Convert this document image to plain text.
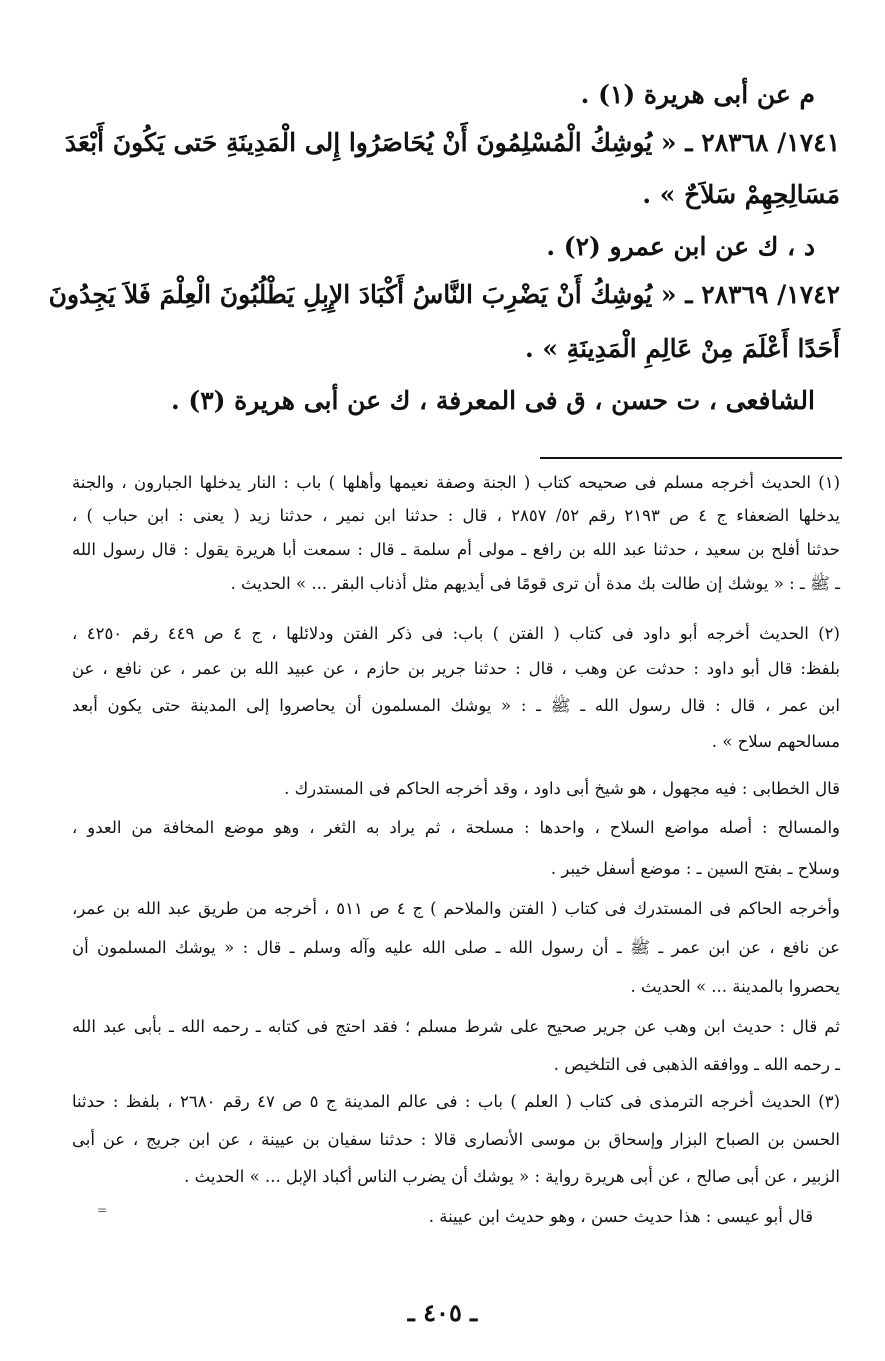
م عن أبى هريرة (١) .
١٧٤١/ ٢٨٣٦٨ ـ « يُوشِكُ الْمُسْلِمُونَ أَنْ يُحَاصَرُوا إِلى الْمَدِينَةِ حَتى يَكُونَ أَبْعَدَ
مَسَالِحِهِمْ سَلاَحٌ » .
د ، ك عن ابن عمرو (٢) .
١٧٤٢/ ٢٨٣٦٩ ـ « يُوشِكُ أَنْ يَضْرِبَ النَّاسُ أَكْبَادَ الإِبِلِ يَطْلُبُونَ الْعِلْمَ فَلاَ يَجِدُونَ
أَحَدًا أَعْلَمَ مِنْ عَالِمِ الْمَدِينَةِ » .
الشافعى ، ت حسن ، ق فى المعرفة ، ك عن أبى هريرة (٣) .
(١) الحديث أخرجه مسلم فى صحيحه كتاب ( الجنة وصفة نعيمها وأهلها ) باب : النار يدخلها الجبارون ، والجنة
يدخلها الضعفاء ج ٤ ص ٢١٩٣ رقم ٥٢/ ٢٨٥٧ ، قال : حدثنا ابن نمير ، حدثنا زيد ( يعنى : ابن حباب ) ،
حدثنا أفلح بن سعيد ، حدثنا عبد الله بن رافع ـ مولى أم سلمة ـ قال : سمعت أبا هريرة يقول : قال رسول الله
ـ ﷺ ـ : « يوشك إن طالت بك مدة أن ترى قومًا فى أيديهم مثل أذناب البقر ... » الحديث .
(٢) الحديث أخرجه أبو داود فى كتاب ( الفتن ) باب: فى ذكر الفتن ودلائلها ، ج ٤ ص ٤٤٩ رقم ٤٢٥٠ ،
بلفظ: قال أبو داود : حدثت عن وهب ، قال : حدثنا جرير بن حازم ، عن عبيد الله بن عمر ، عن نافع ، عن
ابن عمر ، قال : قال رسول الله ـ ﷺ ـ : « يوشك المسلمون أن يحاصروا إلى المدينة حتى يكون أبعد
مسالحهم سلاح » .
قال الخطابى : فيه مجهول ، هو شيخ أبى داود ، وقد أخرجه الحاكم فى المستدرك .
والمسالح : أصله مواضع السلاح ، واحدها : مسلحة ، ثم يراد به الثغر ، وهو موضع المخافة من العدو ،
وسلاح ـ بفتح السين ـ : موضع أسفل خيبر .
وأخرجه الحاكم فى المستدرك فى كتاب ( الفتن والملاحم ) ج ٤ ص ٥١١ ، أخرجه من طريق عبد الله بن عمر،
عن نافع ، عن ابن عمر ـ ﷺ ـ أن رسول الله ـ صلى الله عليه وآله وسلم ـ قال : « يوشك المسلمون أن
يحصروا بالمدينة ... » الحديث .
ثم قال : حديث ابن وهب عن جرير صحيح على شرط مسلم ؛ فقد احتج فى كتابه ـ رحمه الله ـ بأبى عبد الله
ـ رحمه الله ـ ووافقه الذهبى فى التلخيص .
(٣) الحديث أخرجه الترمذى فى كتاب ( العلم ) باب : فى عالم المدينة ج ٥ ص ٤٧ رقم ٢٦٨٠ ، بلفظ : حدثنا
الحسن بن الصباح البزار وإسحاق بن موسى الأنصارى قالا : حدثنا سفيان بن عيينة ، عن ابن جريج ، عن أبى
الزبير ، عن أبى صالح ، عن أبى هريرة رواية : « يوشك أن يضرب الناس أكباد الإبل ... » الحديث .
قال أبو عيسى : هذا حديث حسن ، وهو حديث ابن عيينة .
=
ـ ٤٠٥ ـ
